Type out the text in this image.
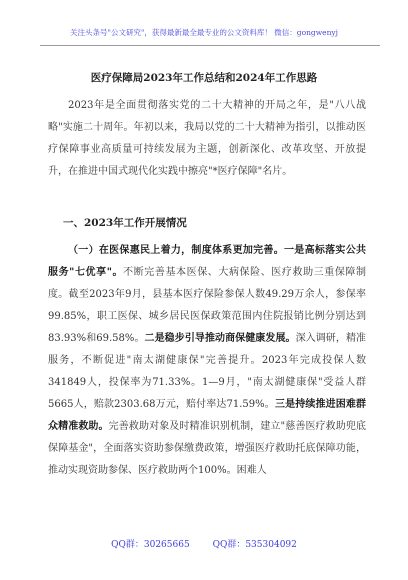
关注头条号"公文研究"，获得最新最全最专业的公文资料库！ 微信：gongwenyj
医疗保障局2023年工作总结和2024年工作思路

2023年是全面贯彻落实党的二十大精神的开局之年，是"八八战略"实施二十周年。年初以来，我局以党的二十大精神为指引，以推动医疗保障事业高质量可持续发展为主题，创新深化、改革攻坚、开放提升，在推进中国式现代化实践中擦亮"*医疗保障"名片。

一、2023年工作开展情况

（一）在医保惠民上着力，制度体系更加完善。一是高标落实公共服务"七优享"。不断完善基本医保、大病保险、医疗救助三重保障制度。截至2023年9月，县基本医疗保险参保人数49.29万余人，参保率99.85%，职工医保、城乡居民医保政策范围内住院报销比例分别达到83.93%和69.58%。二是稳步引导推动商保健康发展。深入调研，精准服务，不断促进"南太湖健康保"完善提升。2023年完成投保人数341849人，投保率为71.33%。1—9月，"南太湖健康保"受益人群5665人，赔款2303.68万元，赔付率达71.59%。三是持续推进困难群众精准救助。完善救助对象及时精准识别机制，建立"慈善医疗救助兜底保障基金"，全面落实资助参保缴费政策，增强医疗救助托底保障功能，推动实现资助参保、医疗救助两个100%。困难人

QQ群：30265665	QQ群：535304092
